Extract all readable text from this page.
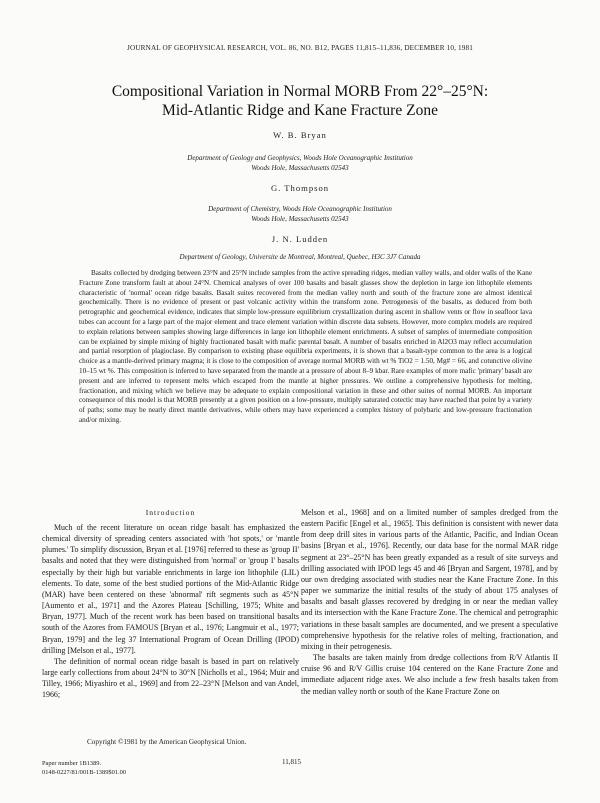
JOURNAL OF GEOPHYSICAL RESEARCH, VOL. 86, NO. B12, PAGES 11,815–11,836, DECEMBER 10, 1981
Compositional Variation in Normal MORB From 22°–25°N:
Mid-Atlantic Ridge and Kane Fracture Zone
W. B. Bryan
Department of Geology and Geophysics, Woods Hole Oceanographic Institution
Woods Hole, Massachusetts 02543
G. Thompson
Department of Chemistry, Woods Hole Oceanographic Institution
Woods Hole, Massachusetts 02543
J. N. Ludden
Department of Geology, Universite de Montreal, Montreal, Quebec, H3C 3J7 Canada

Basalts collected by dredging between 23°N and 25°N include samples from the active spreading ridges, median valley walls, and older walls of the Kane Fracture Zone transform fault at about 24°N. Chemical analyses of over 100 basalts and basalt glasses show the depletion in large ion lithophile elements characteristic of 'normal' ocean ridge basalts. Basalt suites recovered from the median valley north and south of the fracture zone are almost identical geochemically. There is no evidence of present or past volcanic activity within the transform zone. Petrogenesis of the basalts, as deduced from both petrographic and geochemical evidence, indicates that simple low-pressure equilibrium crystallization during ascent in shallow vents or flow in seafloor lava tubes can account for a large part of the major element and trace element variation within discrete data subsets. However, more complex models are required to explain relations between samples showing large differences in large ion lithophile element enrichments. A subset of samples of intermediate composition can be explained by simple mixing of highly fractionated basalt with mafic parental basalt. A number of basalts enriched in Al2O3 may reflect accumulation and partial resorption of plagioclase. By comparison to existing phase equilibria experiments, it is shown that a basalt-type common to the area is a logical choice as a mantle-derived primary magma; it is close to the composition of average normal MORB with wt % TiO2 = 1.50, Mg# = 66, and cotunctive olivine 10–15 wt %. This composition is inferred to have separated from the mantle at a pressure of about 8–9 kbar. Rare examples of more mafic 'primary' basalt are present and are inferred to represent melts which escaped from the mantle at higher pressures. We outline a comprehensive hypothesis for melting, fractionation, and mixing which we believe may be adequate to explain compositional variation in these and other suites of normal MORB. An important consequence of this model is that MORB presently at a given position on a low-pressure, multiply saturated cotectic may have reached that point by a variety of paths; some may be nearly direct mantle derivatives, while others may have experienced a complex history of polybaric and low-pressure fractionation and/or mixing.

Introduction

Much of the recent literature on ocean ridge basalt has emphasized the chemical diversity of spreading centers associated with 'hot spots,' or 'mantle plumes.' To simplify discussion, Bryan et al. [1976] referred to these as 'group II' basalts and noted that they were distinguished from 'normal' or 'group I' basalts especially by their high but variable enrichments in large ion lithophile (LIL) elements. To date, some of the best studied portions of the Mid-Atlantic Ridge (MAR) have been centered on these 'abnormal' rift segments such as 45°N [Aumento et al., 1971] and the Azores Plateau [Schilling, 1975; White and Bryan, 1977]. Much of the recent work has been based on transitional basalts south of the Azores from FAMOUS [Bryan et al., 1976; Langmuir et al., 1977; Bryan, 1979] and the leg 37 International Program of Ocean Drilling (IPOD) drilling [Melson et al., 1977].

The definition of normal ocean ridge basalt is based in part on relatively large early collections from about 24°N to 30°N [Nicholls et al., 1964; Muir and Tilley, 1966; Miyashiro et al., 1969] and from 22–23°N [Melson and van Andel, 1966;

Melson et al., 1968] and on a limited number of samples dredged from the eastern Pacific [Engel et al., 1965]. This definition is consistent with newer data from deep drill sites in various parts of the Atlantic, Pacific, and Indian Ocean basins [Bryan et al., 1976]. Recently, our data base for the normal MAR ridge segment at 23°–25°N has been greatly expanded as a result of site surveys and drilling associated with IPOD legs 45 and 46 [Bryan and Sargent, 1978], and by our own dredging associated with studies near the Kane Fracture Zone. In this paper we summarize the initial results of the study of about 175 analyses of basalts and basalt glasses recovered by dredging in or near the median valley and its intersection with the Kane Fracture Zone. The chemical and petrographic variations in these basalt samples are documented, and we present a speculative comprehensive hypothesis for the relative roles of melting, fractionation, and mixing in their petrogenesis.

The basalts are taken mainly from dredge collections from R/V Atlantis II cruise 96 and R/V Gillis cruise 104 centered on the Kane Fracture Zone and immediate adjacent ridge axes. We also include a few fresh basalts taken from the median valley north or south of the Kane Fracture Zone on

Copyright ©1981 by the American Geophysical Union.
Paper number 1B1389.
0148-0227/81/001B-1389$01.00
11,815
